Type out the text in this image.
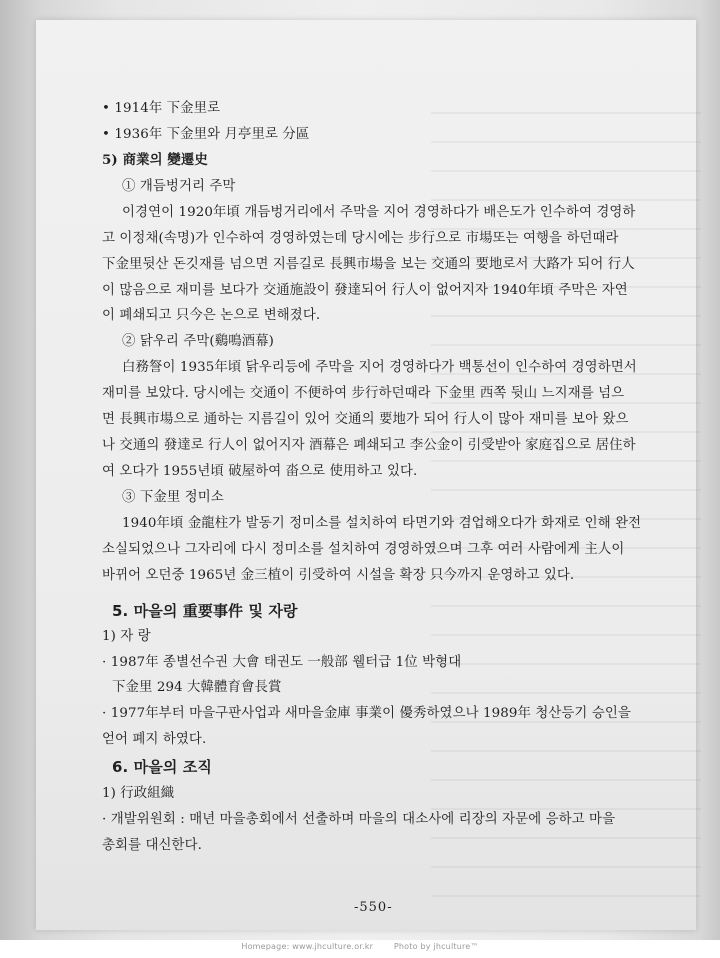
• 1914年 下金里로
• 1936年 下金里와 月亭里로 分區
5) 商業의 變遷史
① 개듬벙거리 주막
이경연이 1920年頃 개듬벙거리에서 주막을 지어 경영하다가 배은도가 인수하여 경영하
고 이정채(속명)가 인수하여 경영하였는데 당시에는 步行으로 市場또는 여행을 하던때라
下金里뒷산 돈깃재를 넘으면 지름길로 長興市場을 보는 交通의 要地로서 大路가 되어 行人
이 많음으로 재미를 보다가 交通施設이 發達되어 行人이 없어지자 1940年頃 주막은 자연
이 폐쇄되고 只今은 논으로 변해졌다.
② 닭우리 주막(鷄鳴酒幕)
白務詧이 1935年頃 닭우리등에 주막을 지어 경영하다가 백통선이 인수하여 경영하면서
재미를 보았다. 당시에는 交通이 不便하여 步行하던때라 下金里 西쪽 뒷山 느지재를 넘으
면 長興市場으로 通하는 지름길이 있어 交通의 要地가 되어 行人이 많아 재미를 보아 왔으
나 交通의 發達로 行人이 없어지자 酒幕은 폐쇄되고 李公金이 引受받아 家庭집으로 居住하
여 오다가 1955년頃 破屋하여 畓으로 使用하고 있다.
③ 下金里 정미소
1940年頃 金龍柱가 발동기 정미소를 설치하여 타면기와 겸업해오다가 화재로 인해 완전
소실되었으나 그자리에 다시 정미소를 설치하여 경영하였으며 그후 여러 사람에게 主人이
바뀌어 오던중 1965년 金三植이 引受하여 시설을 확장 只今까지 운영하고 있다.
5. 마을의 重要事件 및 자랑
1) 자 랑
· 1987年 종별선수권 大會 태권도 一般部 웰터급 1位 박형대
下金里 294 大韓體育會長賞
· 1977年부터 마을구판사업과 새마을金庫 事業이 優秀하였으나 1989年 청산등기 승인을
얻어 폐지 하였다.
6. 마을의 조직
1) 行政組織
· 개발위원회 : 매년 마을총회에서 선출하며 마을의 대소사에 리장의 자문에 응하고 마을
총회를 대신한다.
-550-
Homepage: www.jhculture.or.kr	Photo by jhculture™
